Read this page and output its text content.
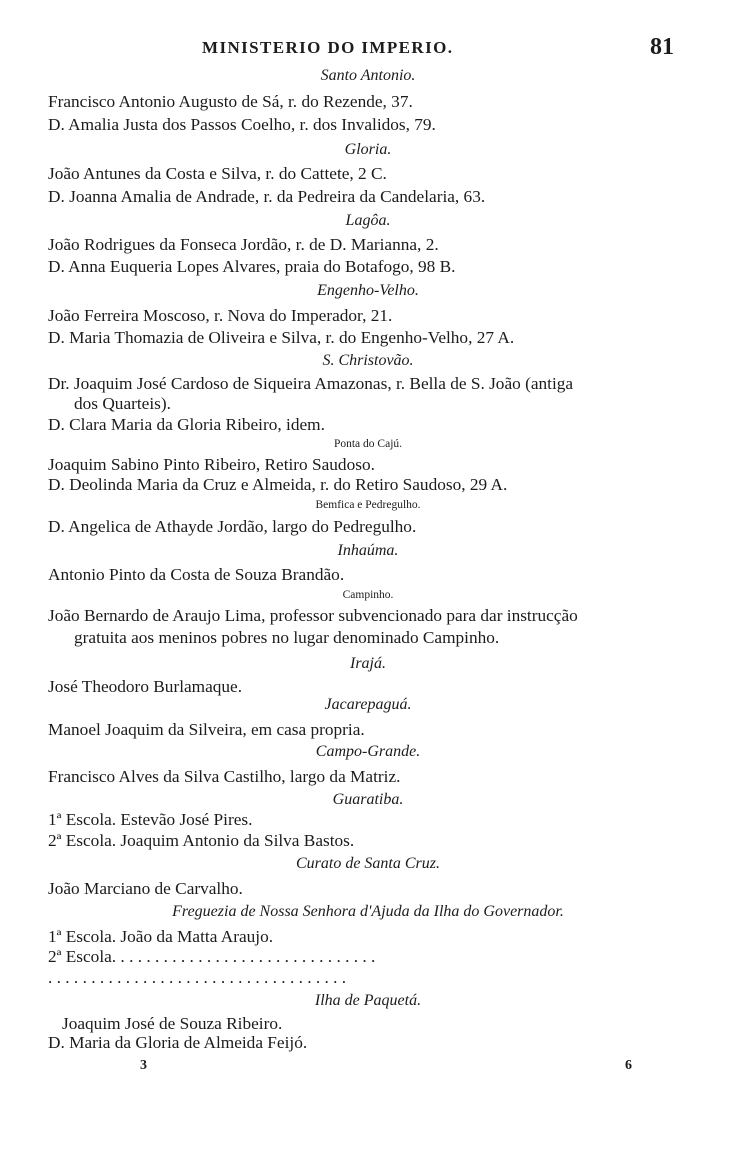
MINISTERIO DO IMPERIO.	81
Santo Antonio.
Francisco Antonio Augusto de Sá, r. do Rezende, 37.
D. Amalia Justa dos Passos Coelho, r. dos Invalidos, 79.
Gloria.
João Antunes da Costa e Silva, r. do Cattete, 2 C.
D. Joanna Amalia de Andrade, r. da Pedreira da Candelaria, 63.
Lagôa.
João Rodrigues da Fonseca Jordão, r. de D. Marianna, 2.
D. Anna Euqueria Lopes Alvares, praia do Botafogo, 98 B.
Engenho-Velho.
João Ferreira Moscoso, r. Nova do Imperador, 21.
D. Maria Thomazia de Oliveira e Silva, r. do Engenho-Velho, 27 A.
S. Christovão.
Dr. Joaquim José Cardoso de Siqueira Amazonas, r. Bella de S. João (antiga
dos Quarteis).
D. Clara Maria da Gloria Ribeiro, idem.
Ponta do Cajú.
Joaquim Sabino Pinto Ribeiro, Retiro Saudoso.
D. Deolinda Maria da Cruz e Almeida, r. do Retiro Saudoso, 29 A.
Bemfica e Pedregulho.
D. Angelica de Athayde Jordão, largo do Pedregulho.
Inhaúma.
Antonio Pinto da Costa de Souza Brandão.
Campinho.
João Bernardo de Araujo Lima, professor subvencionado para dar instrucção
gratuita aos meninos pobres no lugar denominado Campinho.
Irajá.
José Theodoro Burlamaque.
Jacarepaguá.
Manoel Joaquim da Silveira, em casa propria.
Campo-Grande.
Francisco Alves da Silva Castilho, largo da Matriz.
Guaratiba.
1ª Escola. Estevão José Pires.
2ª Escola. Joaquim Antonio da Silva Bastos.
Curato de Santa Cruz.
João Marciano de Carvalho.
Freguezia de Nossa Senhora d'Ajuda da Ilha do Governador.
1ª Escola. João da Matta Araujo.
2ª Escola. . . . . . . . . . . . . . . . . . . . . . . . . . . . . . .
. . . . . . . . . . . . . . . . . . . . . . . . . . . . . . . . . . .
Ilha de Paquetá.
Joaquim José de Souza Ribeiro.
D. Maria da Gloria de Almeida Feijó.
3	6
